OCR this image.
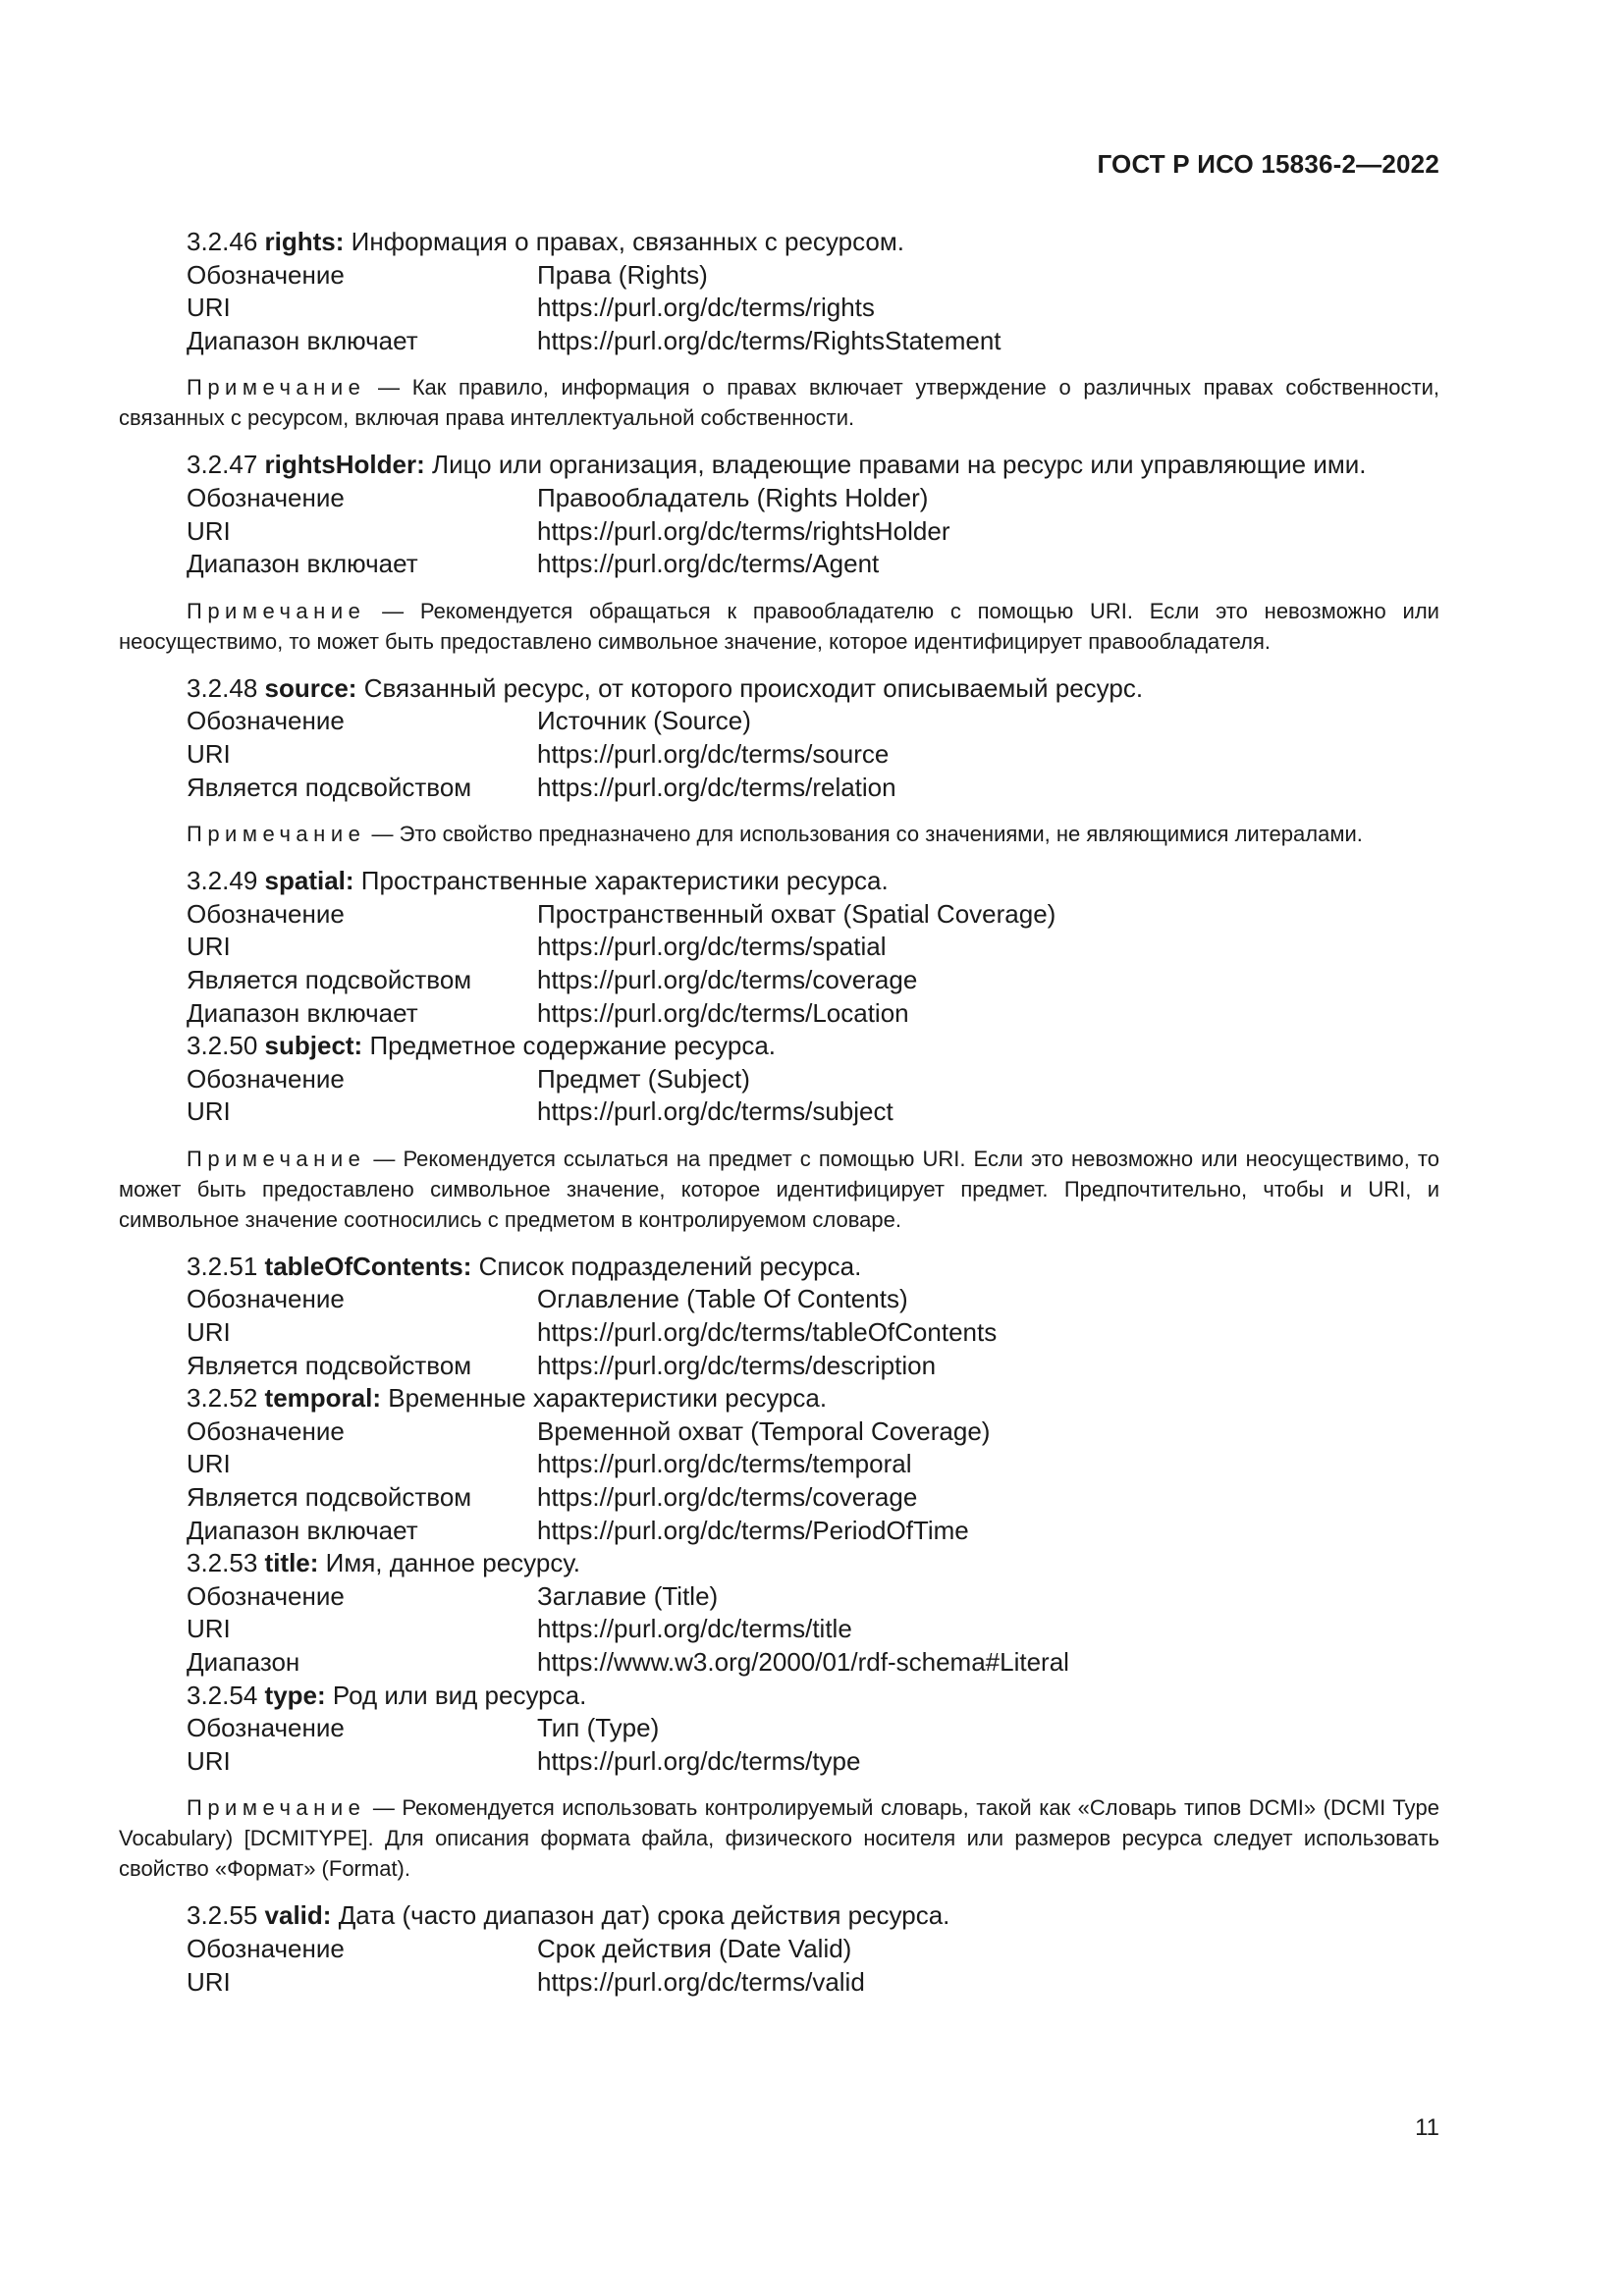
ГОСТ Р ИСО 15836-2—2022
3.2.46 rights: Информация о правах, связанных с ресурсом.
Обозначение	Права (Rights)
URI	https://purl.org/dc/terms/rights
Диапазон включает	https://purl.org/dc/terms/RightsStatement
Примечание — Как правило, информация о правах включает утверждение о различных правах собственности, связанных с ресурсом, включая права интеллектуальной собственности.
3.2.47 rightsHolder: Лицо или организация, владеющие правами на ресурс или управляющие ими.
Обозначение	Правообладатель (Rights Holder)
URI	https://purl.org/dc/terms/rightsHolder
Диапазон включает	https://purl.org/dc/terms/Agent
Примечание — Рекомендуется обращаться к правообладателю с помощью URI. Если это невозможно или неосуществимо, то может быть предоставлено символьное значение, которое идентифицирует правообладателя.
3.2.48 source: Связанный ресурс, от которого происходит описываемый ресурс.
Обозначение	Источник (Source)
URI	https://purl.org/dc/terms/source
Является подсвойством	https://purl.org/dc/terms/relation
Примечание — Это свойство предназначено для использования со значениями, не являющимися литералами.
3.2.49 spatial: Пространственные характеристики ресурса.
Обозначение	Пространственный охват (Spatial Coverage)
URI	https://purl.org/dc/terms/spatial
Является подсвойством	https://purl.org/dc/terms/coverage
Диапазон включает	https://purl.org/dc/terms/Location
3.2.50 subject: Предметное содержание ресурса.
Обозначение	Предмет (Subject)
URI	https://purl.org/dc/terms/subject
Примечание — Рекомендуется ссылаться на предмет с помощью URI. Если это невозможно или неосуществимо, то может быть предоставлено символьное значение, которое идентифицирует предмет. Предпочтительно, чтобы и URI, и символьное значение соотносились с предметом в контролируемом словаре.
3.2.51 tableOfContents: Список подразделений ресурса.
Обозначение	Оглавление (Table Of Contents)
URI	https://purl.org/dc/terms/tableOfContents
Является подсвойством	https://purl.org/dc/terms/description
3.2.52 temporal: Временные характеристики ресурса.
Обозначение	Временной охват (Temporal Coverage)
URI	https://purl.org/dc/terms/temporal
Является подсвойством	https://purl.org/dc/terms/coverage
Диапазон включает	https://purl.org/dc/terms/PeriodOfTime
3.2.53 title: Имя, данное ресурсу.
Обозначение	Заглавие (Title)
URI	https://purl.org/dc/terms/title
Диапазон	https://www.w3.org/2000/01/rdf-schema#Literal
3.2.54 type: Род или вид ресурса.
Обозначение	Тип (Type)
URI	https://purl.org/dc/terms/type
Примечание — Рекомендуется использовать контролируемый словарь, такой как «Словарь типов DCMI» (DCMI Type Vocabulary) [DCMITYPE]. Для описания формата файла, физического носителя или размеров ресурса следует использовать свойство «Формат» (Format).
3.2.55 valid: Дата (часто диапазон дат) срока действия ресурса.
Обозначение	Срок действия (Date Valid)
URI	https://purl.org/dc/terms/valid
11
